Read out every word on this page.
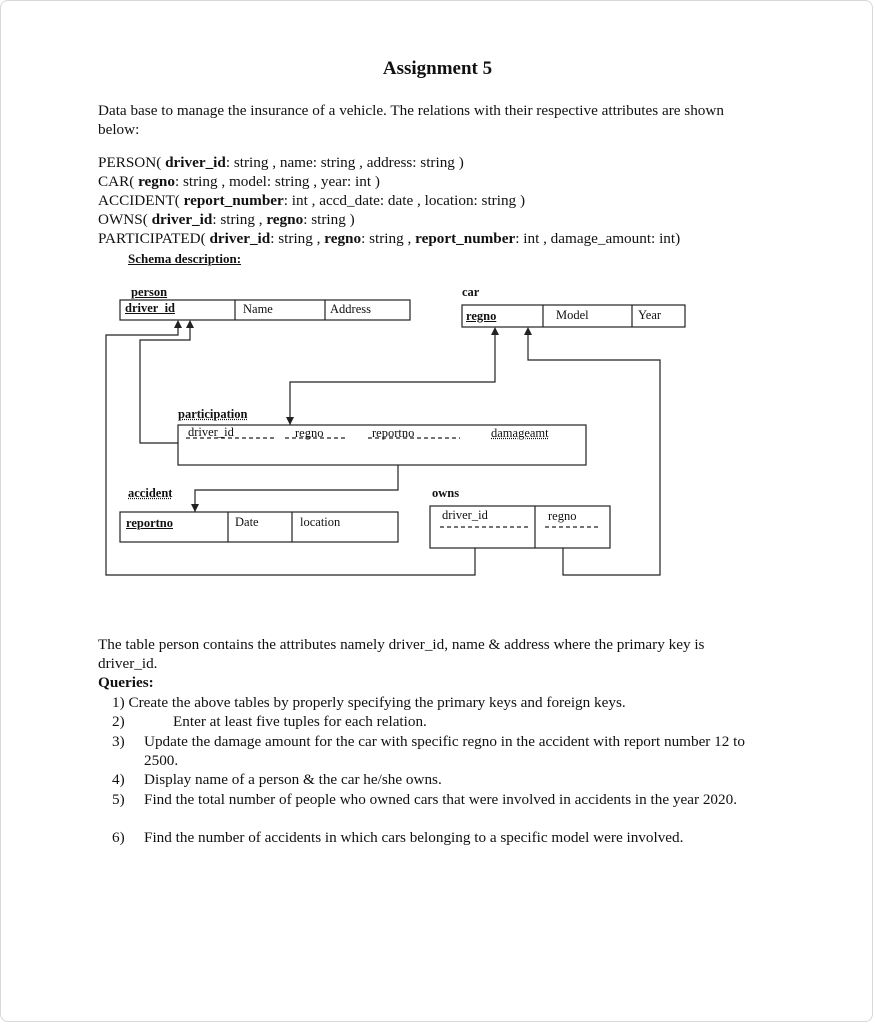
Assignment 5
Data base to manage the insurance of a vehicle. The relations with their respective attributes are shown below:
PERSON( driver_id: string , name: string , address: string )
CAR( regno: string , model: string , year: int )
ACCIDENT( report_number: int , accd_date: date , location: string )
OWNS( driver_id: string , regno: string )
PARTICIPATED( driver_id: string , regno: string , report_number: int , damage_amount: int)
Schema description:
person
driver_id	Name	Address
car
regno	Model	Year
participation
driver_id	regno	reportno	damageamt
accident
reportno	Date	location
owns
driver_id	regno
The table person contains the attributes namely driver_id, name & address where the primary key is driver_id.
Queries:
1) Create the above tables by properly specifying the primary keys and foreign keys.
2)	Enter at least five tuples for each relation.
3) Update the damage amount for the car with specific regno in the accident with report number 12 to 2500.
4) Display name of a person & the car he/she owns.
5) Find the total number of people who owned cars that were involved in accidents in the year 2020.
6) Find the number of accidents in which cars belonging to a specific model were involved.
